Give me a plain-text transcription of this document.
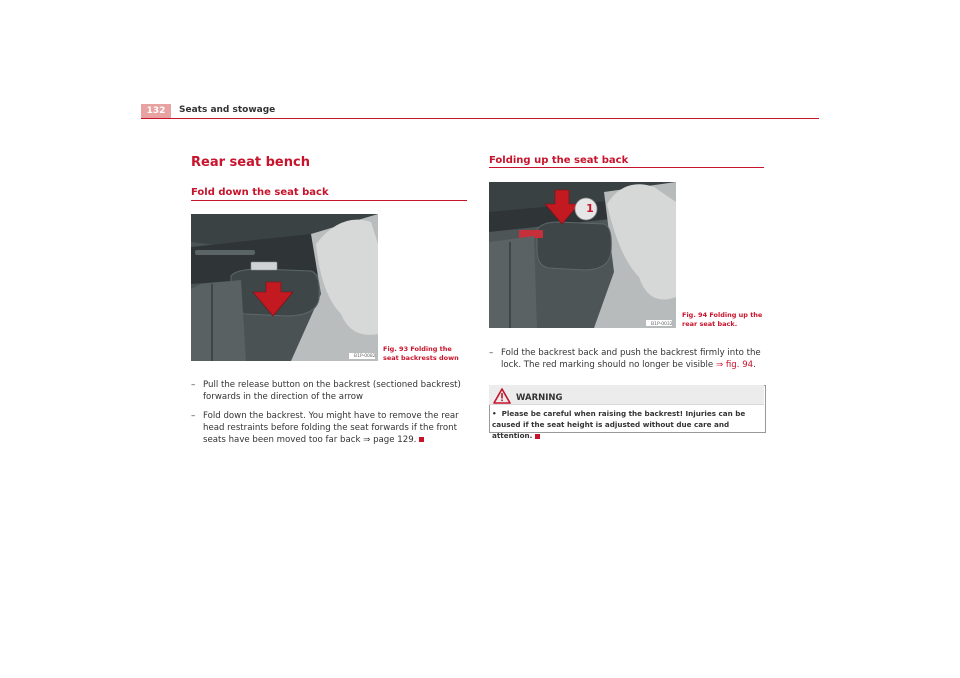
132	Seats and stowage
Rear seat bench
Fold down the seat back
B1P-0082
Fig. 93 Folding the seat backrests down
– Pull the release button on the backrest (sectioned backrest) forwards in the direction of the arrow
– Fold down the backrest. You might have to remove the rear head restraints before folding the seat forwards if the front seats have been moved too far back ⇒ page 129.
Folding up the seat back
1
B1P-0032
Fig. 94 Folding up the rear seat back.
– Fold the backrest back and push the backrest firmly into the lock. The red marking should no longer be visible ⇒ fig. 94.
WARNING
• Please be careful when raising the backrest! Injuries can be caused if the seat height is adjusted without due care and attention.
